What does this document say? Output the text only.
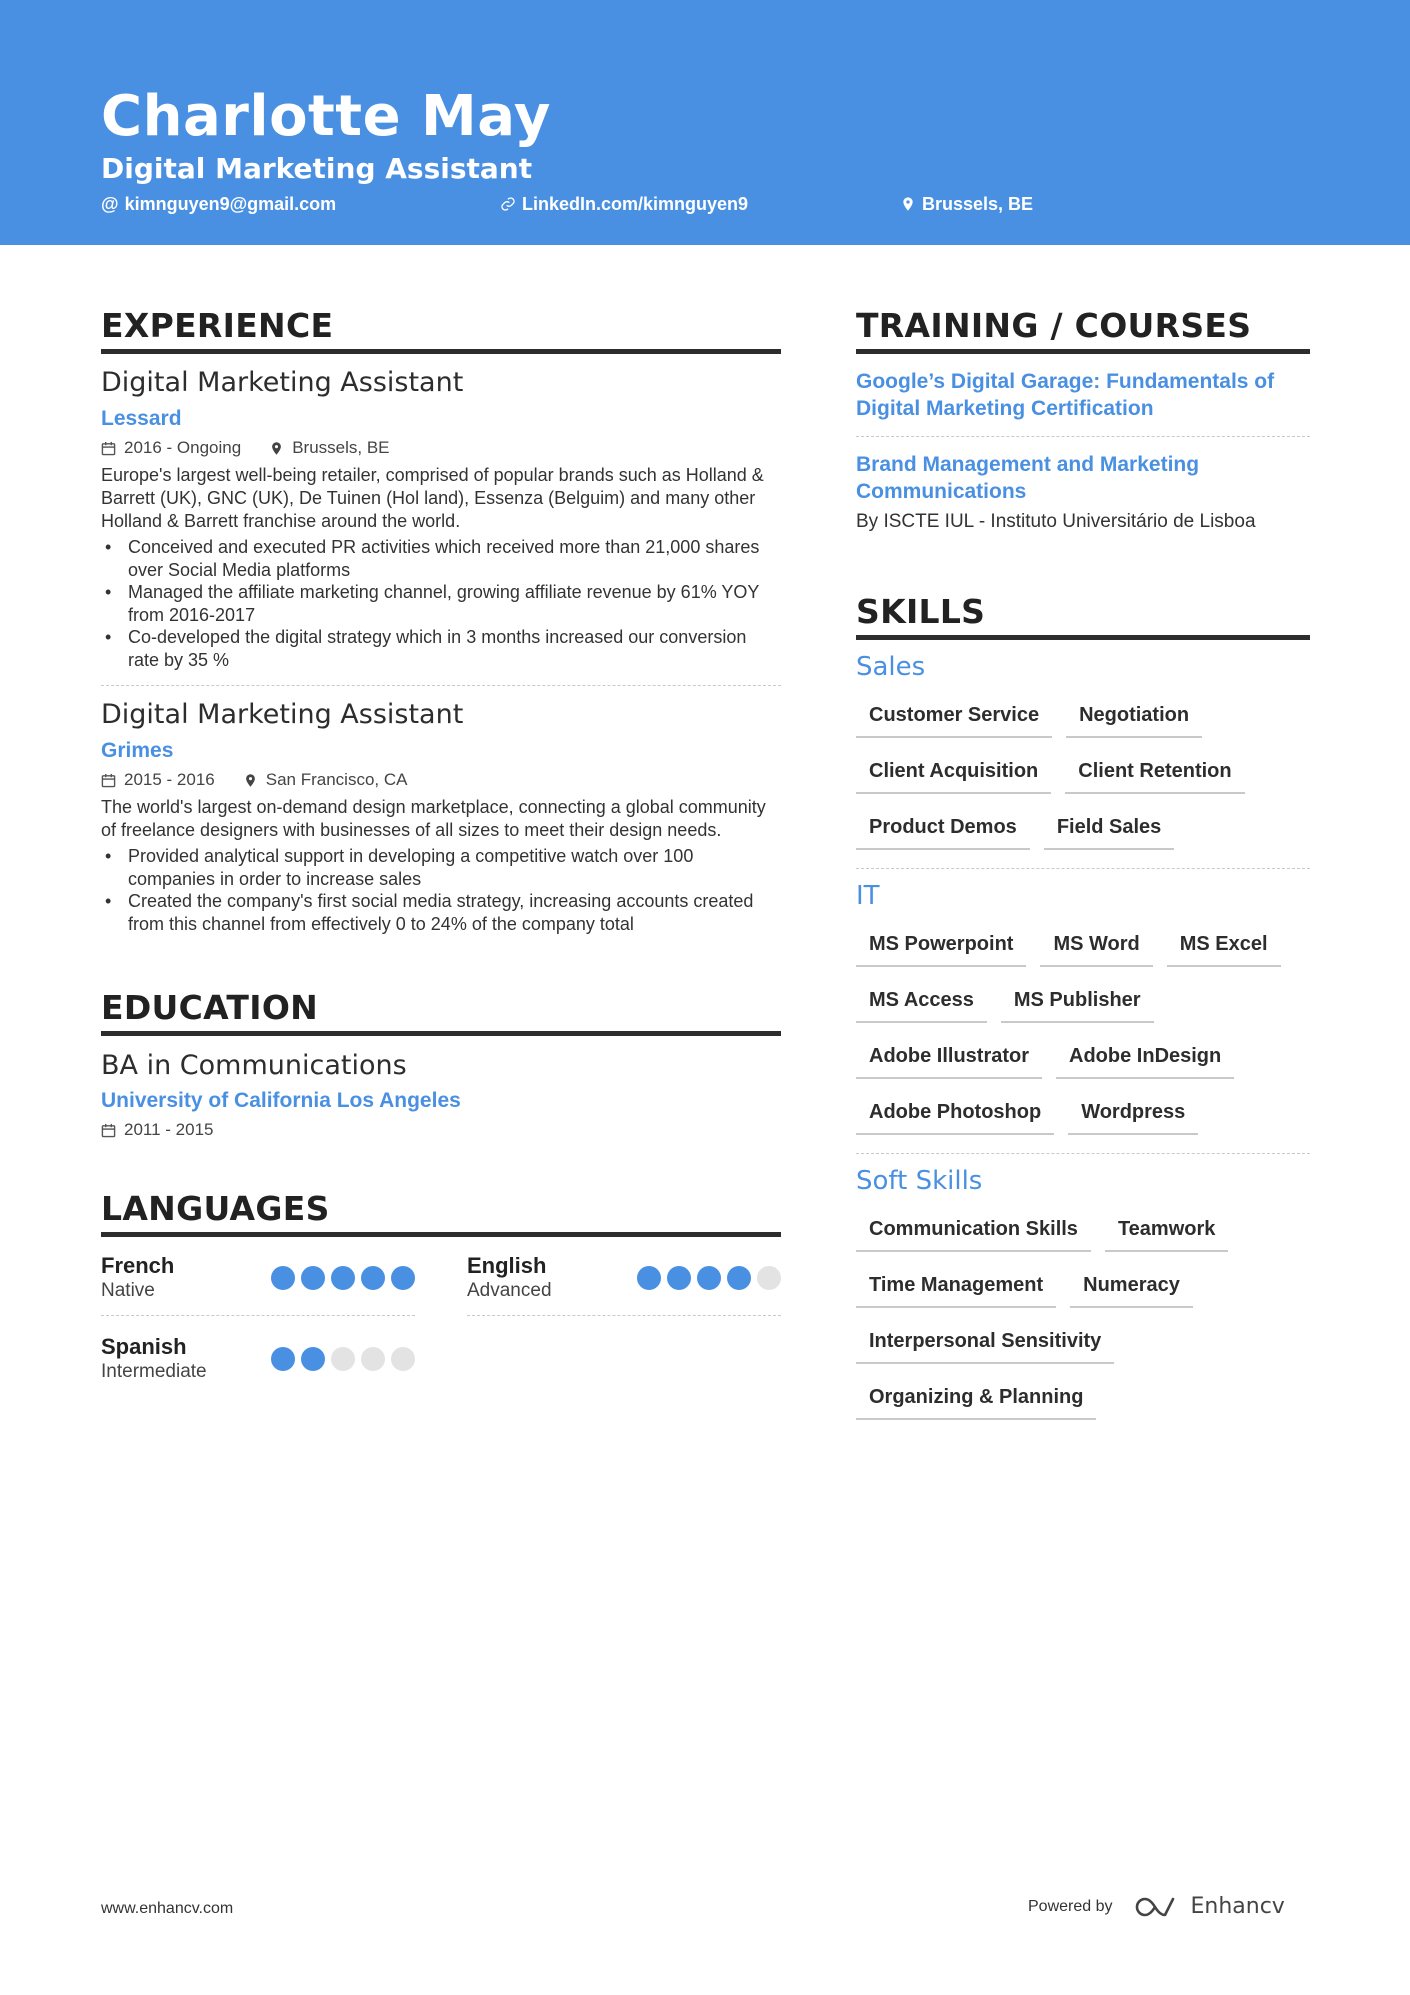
Charlotte May
Digital Marketing Assistant
@ kimnguyen9@gmail.com	LinkedIn.com/kimnguyen9	Brussels, BE
EXPERIENCE
Digital Marketing Assistant
Lessard
2016 - Ongoing	Brussels, BE
Europe's largest well-being retailer, comprised of popular brands such as Holland & Barrett (UK), GNC (UK), De Tuinen (Hol land), Essenza (Belguim) and many other Holland & Barrett franchise around the world.
• Conceived and executed PR activities which received more than 21,000 shares over Social Media platforms
• Managed the affiliate marketing channel, growing affiliate revenue by 61% YOY from 2016-2017
• Co-developed the digital strategy which in 3 months increased our conversion rate by 35 %
Digital Marketing Assistant
Grimes
2015 - 2016	San Francisco, CA
The world's largest on-demand design marketplace, connecting a global community of freelance designers with businesses of all sizes to meet their design needs.
• Provided analytical support in developing a competitive watch over 100 companies in order to increase sales
• Created the company's first social media strategy, increasing accounts created from this channel from effectively 0 to 24% of the company total
EDUCATION
BA in Communications
University of California Los Angeles
2011 - 2015
LANGUAGES
French
Native
English
Advanced
Spanish
Intermediate
TRAINING / COURSES
Google’s Digital Garage: Fundamentals of Digital Marketing Certification
Brand Management and Marketing Communications
By ISCTE IUL - Instituto Universitário de Lisboa
SKILLS
Sales
Customer Service	Negotiation
Client Acquisition	Client Retention
Product Demos	Field Sales
IT
MS Powerpoint	MS Word	MS Excel
MS Access	MS Publisher
Adobe Illustrator	Adobe InDesign
Adobe Photoshop	Wordpress
Soft Skills
Communication Skills	Teamwork
Time Management	Numeracy
Interpersonal Sensitivity
Organizing & Planning
www.enhancv.com	Powered by	Enhancv
